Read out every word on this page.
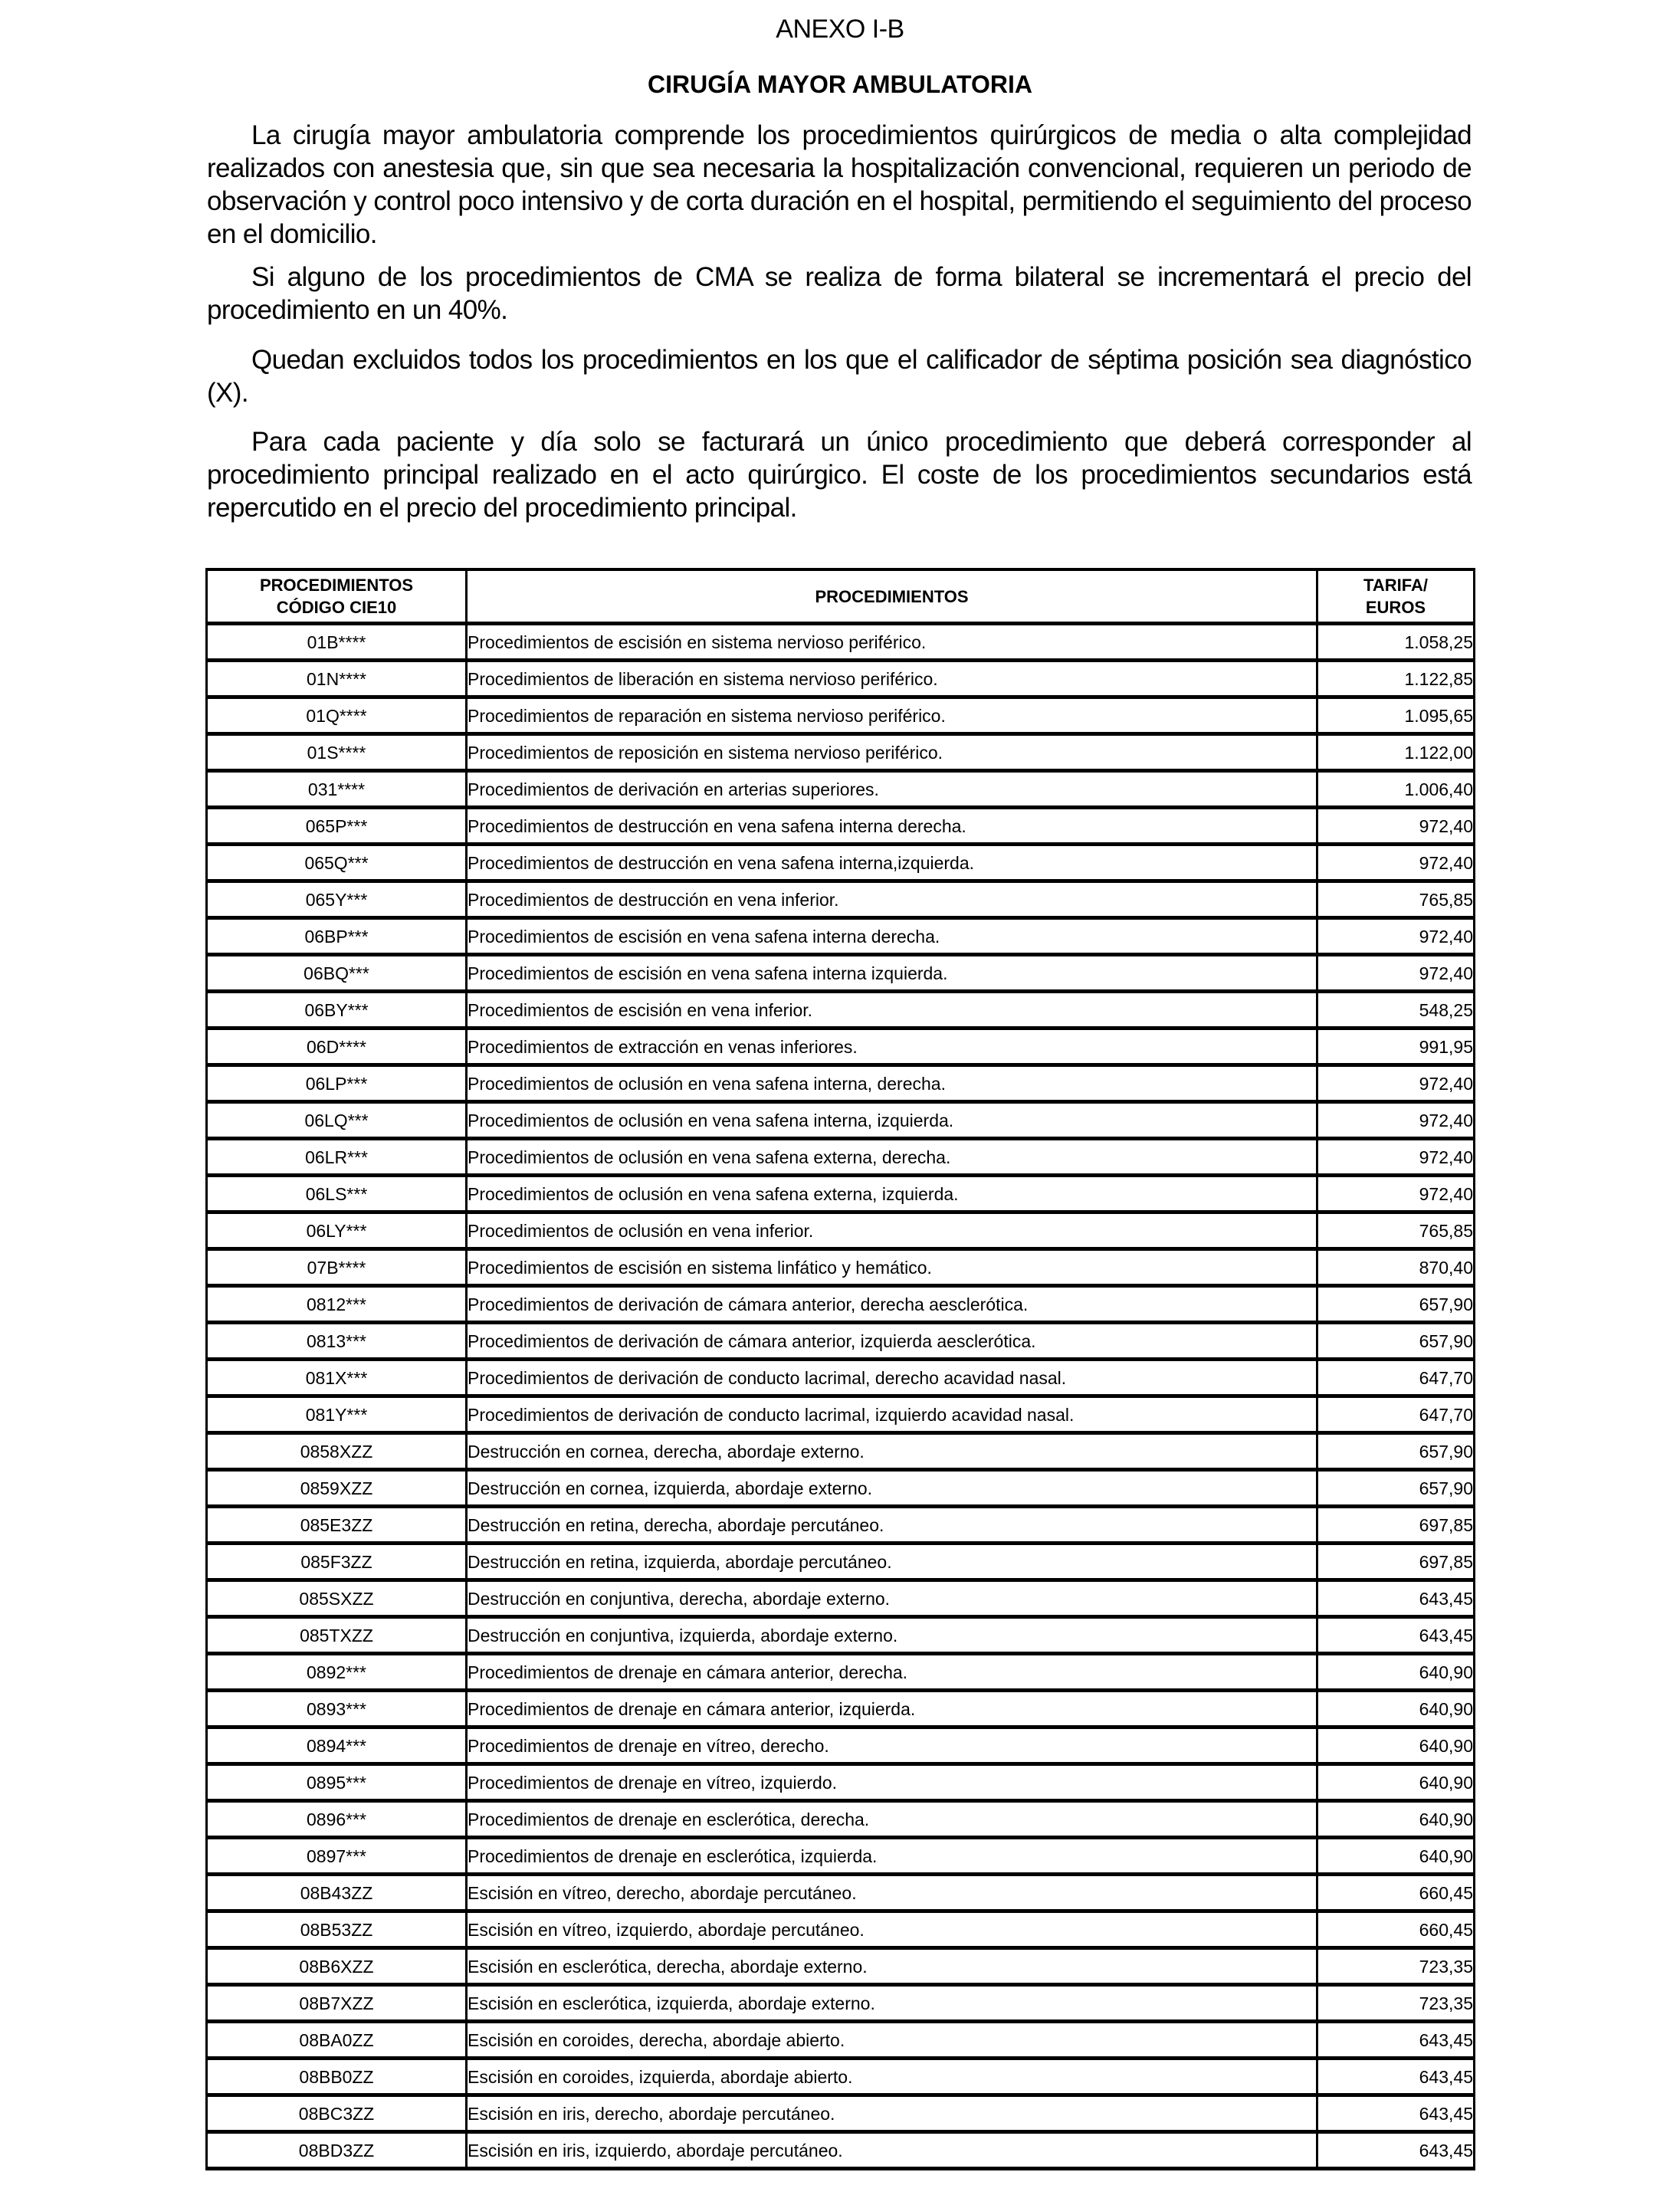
ANEXO I-B
CIRUGÍA MAYOR AMBULATORIA

La cirugía mayor ambulatoria comprende los procedimientos quirúrgicos de media o alta complejidad realizados con anestesia que, sin que sea necesaria la hospitalización convencional, requieren un periodo de observación y control poco intensivo y de corta duración en el hospital, permitiendo el seguimiento del proceso en el domicilio.

Si alguno de los procedimientos de CMA se realiza de forma bilateral se incrementará el precio del procedimiento en un 40%.

Quedan excluidos todos los procedimientos en los que el calificador de séptima posición sea diagnóstico (X).

Para cada paciente y día solo se facturará un único procedimiento que deberá corresponder al procedimiento principal realizado en el acto quirúrgico. El coste de los procedimientos secundarios está repercutido en el precio del procedimiento principal.

PROCEDIMIENTOS
CÓDIGO CIE10	PROCEDIMIENTOS	TARIFA/
EUROS
01B****	Procedimientos de escisión en sistema nervioso periférico.	1.058,25
01N****	Procedimientos de liberación en sistema nervioso periférico.	1.122,85
01Q****	Procedimientos de reparación en sistema nervioso periférico.	1.095,65
01S****	Procedimientos de reposición en sistema nervioso periférico.	1.122,00
031****	Procedimientos de derivación en arterias superiores.	1.006,40
065P***	Procedimientos de destrucción en vena safena interna derecha.	972,40
065Q***	Procedimientos de destrucción en vena safena interna,izquierda.	972,40
065Y***	Procedimientos de destrucción en vena inferior.	765,85
06BP***	Procedimientos de escisión en vena safena interna derecha.	972,40
06BQ***	Procedimientos de escisión en vena safena interna izquierda.	972,40
06BY***	Procedimientos de escisión en vena inferior.	548,25
06D****	Procedimientos de extracción en venas inferiores.	991,95
06LP***	Procedimientos de oclusión en vena safena interna, derecha.	972,40
06LQ***	Procedimientos de oclusión en vena safena interna, izquierda.	972,40
06LR***	Procedimientos de oclusión en vena safena externa, derecha.	972,40
06LS***	Procedimientos de oclusión en vena safena externa, izquierda.	972,40
06LY***	Procedimientos de oclusión en vena inferior.	765,85
07B****	Procedimientos de escisión en sistema linfático y hemático.	870,40
0812***	Procedimientos de derivación de cámara anterior, derecha aesclerótica.	657,90
0813***	Procedimientos de derivación de cámara anterior, izquierda aesclerótica.	657,90
081X***	Procedimientos de derivación de conducto lacrimal, derecho acavidad nasal.	647,70
081Y***	Procedimientos de derivación de conducto lacrimal, izquierdo acavidad nasal.	647,70
0858XZZ	Destrucción en cornea, derecha, abordaje externo.	657,90
0859XZZ	Destrucción en cornea, izquierda, abordaje externo.	657,90
085E3ZZ	Destrucción en retina, derecha, abordaje percutáneo.	697,85
085F3ZZ	Destrucción en retina, izquierda, abordaje percutáneo.	697,85
085SXZZ	Destrucción en conjuntiva, derecha, abordaje externo.	643,45
085TXZZ	Destrucción en conjuntiva, izquierda, abordaje externo.	643,45
0892***	Procedimientos de drenaje en cámara anterior, derecha.	640,90
0893***	Procedimientos de drenaje en cámara anterior, izquierda.	640,90
0894***	Procedimientos de drenaje en vítreo, derecho.	640,90
0895***	Procedimientos de drenaje en vítreo, izquierdo.	640,90
0896***	Procedimientos de drenaje en esclerótica, derecha.	640,90
0897***	Procedimientos de drenaje en esclerótica, izquierda.	640,90
08B43ZZ	Escisión en vítreo, derecho, abordaje percutáneo.	660,45
08B53ZZ	Escisión en vítreo, izquierdo, abordaje percutáneo.	660,45
08B6XZZ	Escisión en esclerótica, derecha, abordaje externo.	723,35
08B7XZZ	Escisión en esclerótica, izquierda, abordaje externo.	723,35
08BA0ZZ	Escisión en coroides, derecha, abordaje abierto.	643,45
08BB0ZZ	Escisión en coroides, izquierda, abordaje abierto.	643,45
08BC3ZZ	Escisión en iris, derecho, abordaje percutáneo.	643,45
08BD3ZZ	Escisión en iris, izquierdo, abordaje percutáneo.	643,45
